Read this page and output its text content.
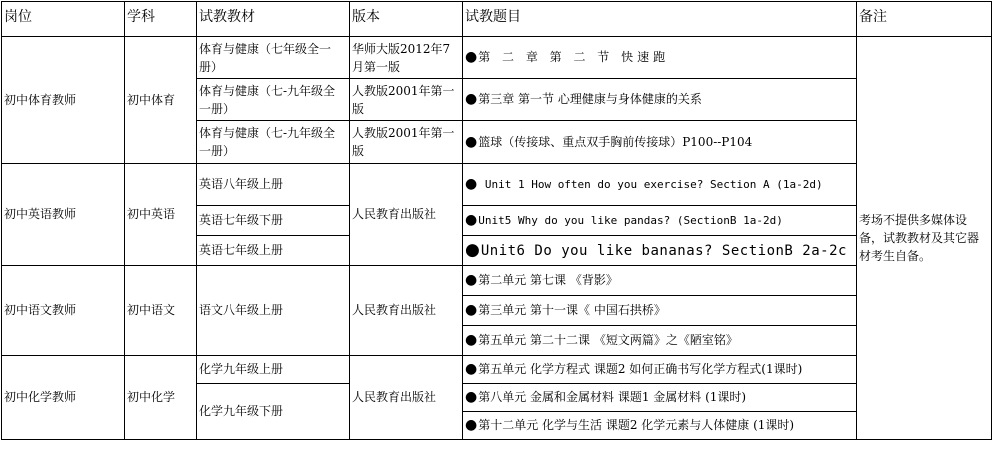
岗位	学科	试教教材	版本	试教题目	备注
初中体育教师	初中体育	体育与健康（七年级全一册）	华师大版2012年7月第一版	●第 二 章 第 二 节 快速跑	考场不提供多媒体设备，试教教材及其它器材考生自备。

		体育与健康（七-九年级全一册）	人教版2001年第一版	●第三章 第一节 心理健康与身体健康的关系	

		体育与健康（七-九年级全一册）	人教版2001年第一版	●篮球（传接球、重点双手胸前传接球）P100--P104	
初中英语教师	初中英语	英语八年级上册	人民教育出版社	● Unit 1 How often do you exercise? Section A (1a-2d)	
		英语七年级下册		●Unit5 Why do you like pandas? (SectionB 1a-2d)	
		英语七年级上册		●Unit6 Do you like bananas? SectionB 2a-2c	
初中语文教师	初中语文	语文八年级上册	人民教育出版社	●第二单元 第七课 《背影》	
				●第三单元 第十一课《 中国石拱桥》	
				●第五单元 第二十二课 《短文两篇》之《陋室铭》	
初中化学教师	初中化学	化学九年级上册	人民教育出版社	●第五单元 化学方程式 课题2 如何正确书写化学方程式(1课时)	
		化学九年级下册		●第八单元 金属和金属材料 课题1 金属材料 (1课时)	
				●第十二单元 化学与生活 课题2 化学元素与人体健康 (1课时)	
